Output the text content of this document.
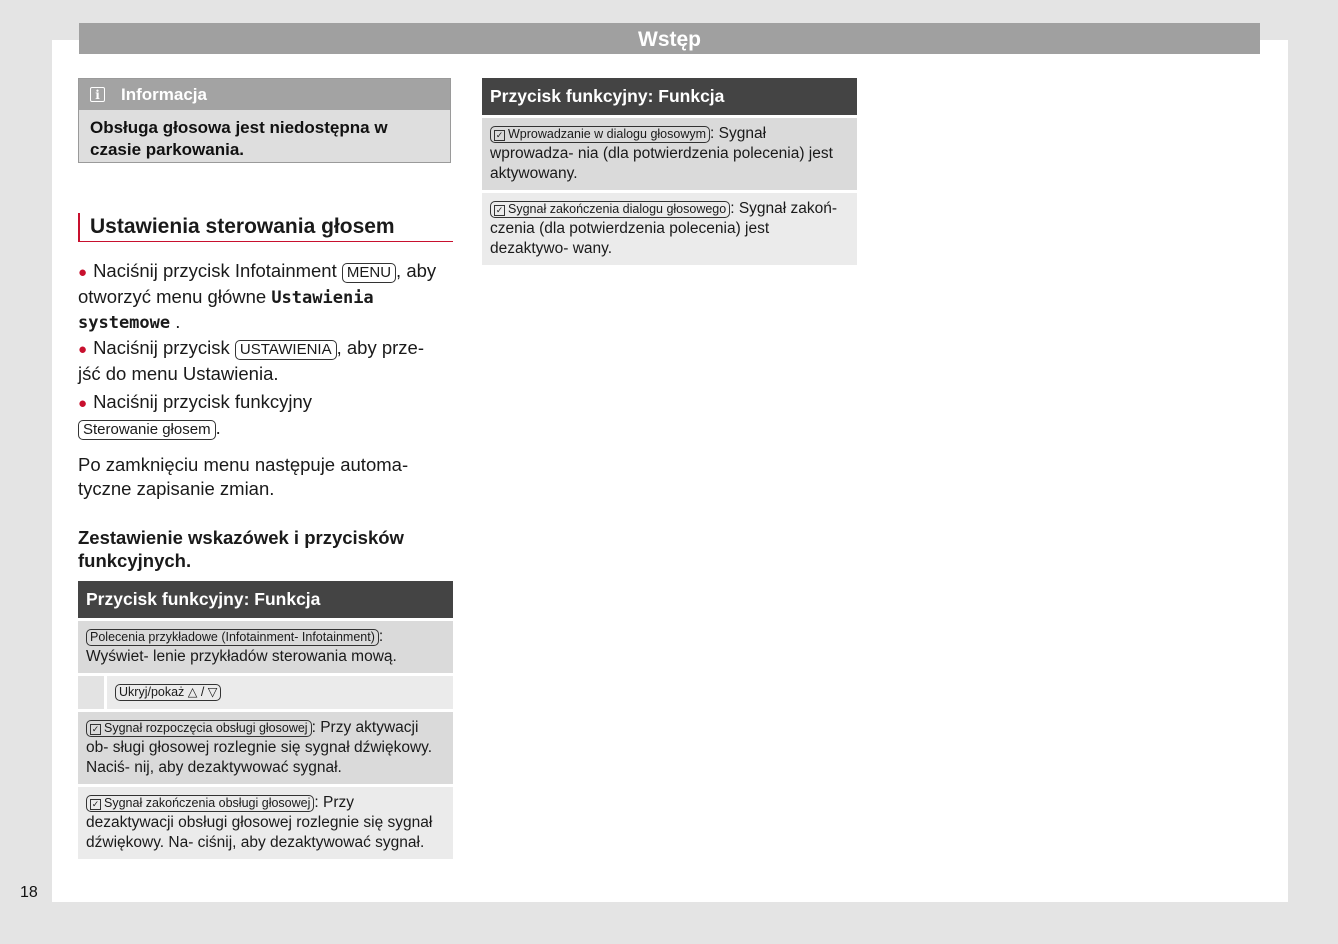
Wstęp
18
i	Informacja
Obsługa głosowa jest niedostępna w czasie parkowania.
Ustawienia sterowania głosem
● Naciśnij przycisk Infotainment MENU , aby otworzyć menu główne Ustawienia systemowe .
● Naciśnij przycisk USTAWIENIA , aby prze- jść do menu Ustawienia.
● Naciśnij przycisk funkcyjny Sterowanie głosem .
Po zamknięciu menu następuje automa- tyczne zapisanie zmian.
Zestawienie wskazówek i przycisków funkcyjnych.
Przycisk funkcyjny: Funkcja
Polecenia przykładowe (Infotainment- Infotainment) : Wyświet- lenie przykładów sterowania mową.
Ukryj/pokaż △ / ▽
✓ Sygnał rozpoczęcia obsługi głosowej : Przy aktywacji ob- sługi głosowej rozlegnie się sygnał dźwiękowy. Naciś- nij, aby dezaktywować sygnał.
✓ Sygnał zakończenia obsługi głosowej : Przy dezaktywacji obsługi głosowej rozlegnie się sygnał dźwiękowy. Na- ciśnij, aby dezaktywować sygnał.
Przycisk funkcyjny: Funkcja
✓ Wprowadzanie w dialogu głosowym : Sygnał wprowadza- nia (dla potwierdzenia polecenia) jest aktywowany.
✓ Sygnał zakończenia dialogu głosowego : Sygnał zakoń- czenia (dla potwierdzenia polecenia) jest dezaktywo- wany.
